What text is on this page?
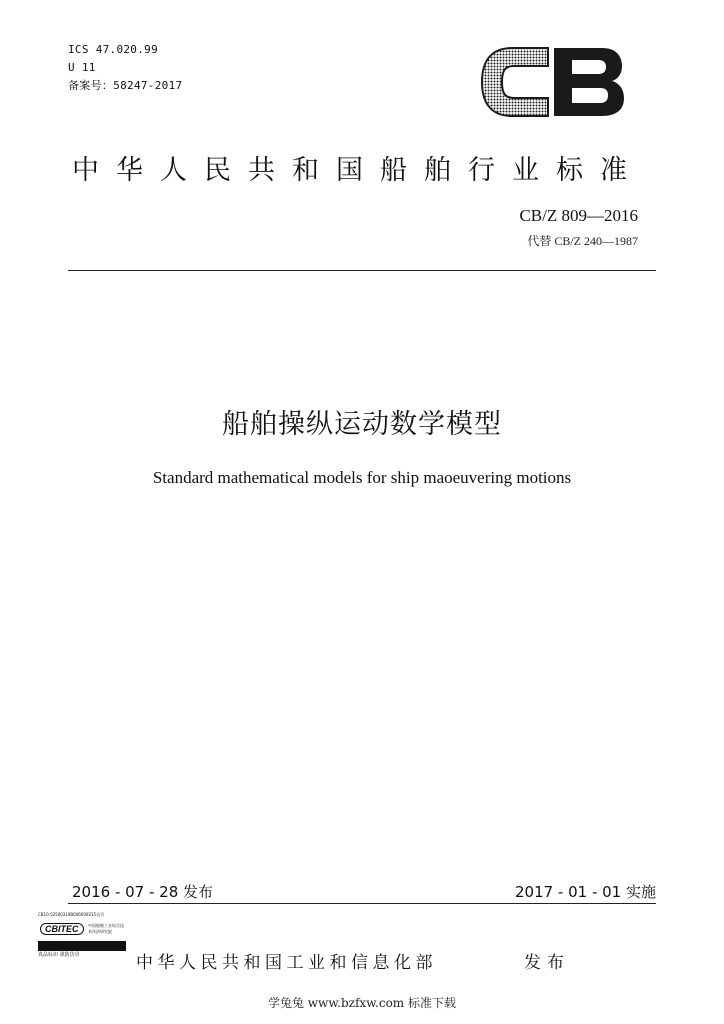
ICS 47.020.99
U 11
备案号：58247-2017
中华人民共和国船舶行业标准
CB/Z 809—2016
代替 CB/Z 240—1987
船舶操纵运动数学模型
Standard mathematical models for ship maoeuvering motions
2016 - 07 - 28 发布	2017 - 01 - 01 实施
CB10-52500319B006000215首页
CBITEC	中国船舶工业综合技术经济研究院
真品标识 谨防仿冒	中华人民共和国工业和信息化部	发布
学兔兔 www.bzfxw.com 标准下载
